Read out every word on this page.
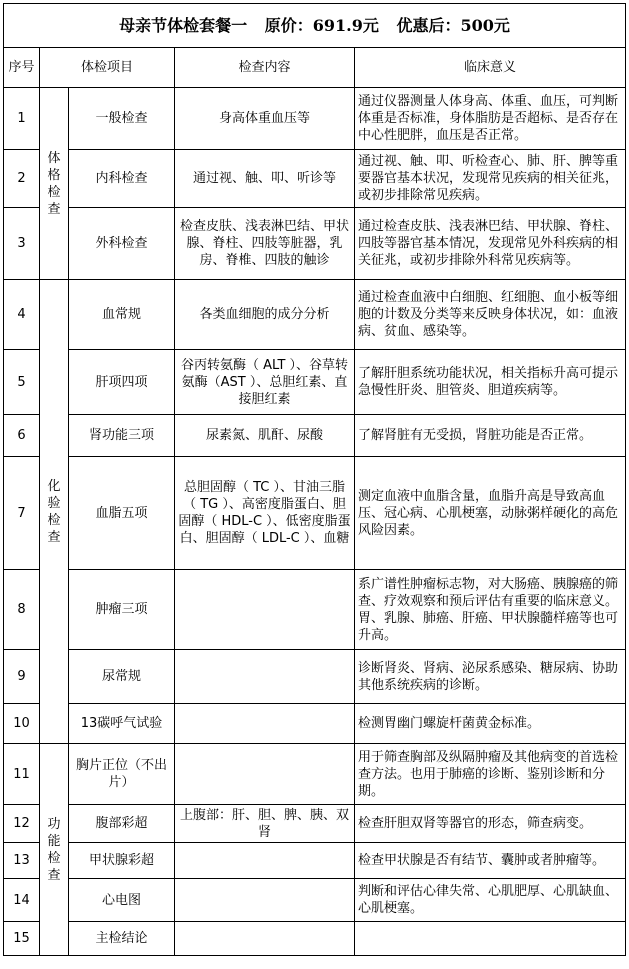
母亲节体检套餐一 原价：691.9元 优惠后：500元				
序号	体检项目		检查内容	临床意义
1	体格检查	一般检查	身高体重血压等	通过仪器测量人体身高、体重、血压，可判断体重是否标准，身体脂肪是否超标、是否存在中心性肥胖，血压是否正常。
2		内科检查	通过视、触、叩、听诊等	通过视、触、叩、听检查心、肺、肝、脾等重要器官基本状况，发现常见疾病的相关征兆，或初步排除常见疾病。
3		外科检查	检查皮肤、浅表淋巴结、甲状腺、脊柱、四肢等脏器，乳房、脊椎、四肢的触诊	通过检查皮肤、浅表淋巴结、甲状腺、脊柱、四肢等器官基本情况，发现常见外科疾病的相关征兆，或初步排除外科常见疾病等。
4	化验检查	血常规	各类血细胞的成分分析	通过检查血液中白细胞、红细胞、血小板等细胞的计数及分类等来反映身体状况，如：血液病、贫血、感染等。
5		肝项四项	谷丙转氨酶（ ALT ）、谷草转氨酶（AST ）、总胆红素、直接胆红素	了解肝胆系统功能状况，相关指标升高可提示急慢性肝炎、胆管炎、胆道疾病等。
6		肾功能三项	尿素氮、肌酐、尿酸	了解肾脏有无受损，肾脏功能是否正常。
7		血脂五项	总胆固醇（ TC ）、甘油三脂（ TG ）、高密度脂蛋白、胆固醇（ HDL-C ）、低密度脂蛋白、胆固醇（ LDL-C ）、血糖	测定血液中血脂含量，血脂升高是导致高血压、冠心病、心肌梗塞，动脉粥样硬化的高危风险因素。
8		肿瘤三项		系广谱性肿瘤标志物，对大肠癌、胰腺癌的筛查、疗效观察和预后评估有重要的临床意义。胃、乳腺、肺癌、肝癌、甲状腺髓样癌等也可升高。
9		尿常规		诊断肾炎、肾病、泌尿系感染、糖尿病、协助其他系统疾病的诊断。
10		13碳呼气试验		检测胃幽门螺旋杆菌黄金标准。
11	功能检查	胸片正位（不出片）		用于筛查胸部及纵隔肿瘤及其他病变的首选检查方法。也用于肺癌的诊断、鉴别诊断和分期。
12		腹部彩超	上腹部：肝、胆、脾、胰、双肾	检查肝胆双肾等器官的形态，筛查病变。
13		甲状腺彩超		检查甲状腺是否有结节、囊肿或者肿瘤等。
14		心电图		判断和评估心律失常、心肌肥厚、心肌缺血、心肌梗塞。
15		主检结论		
